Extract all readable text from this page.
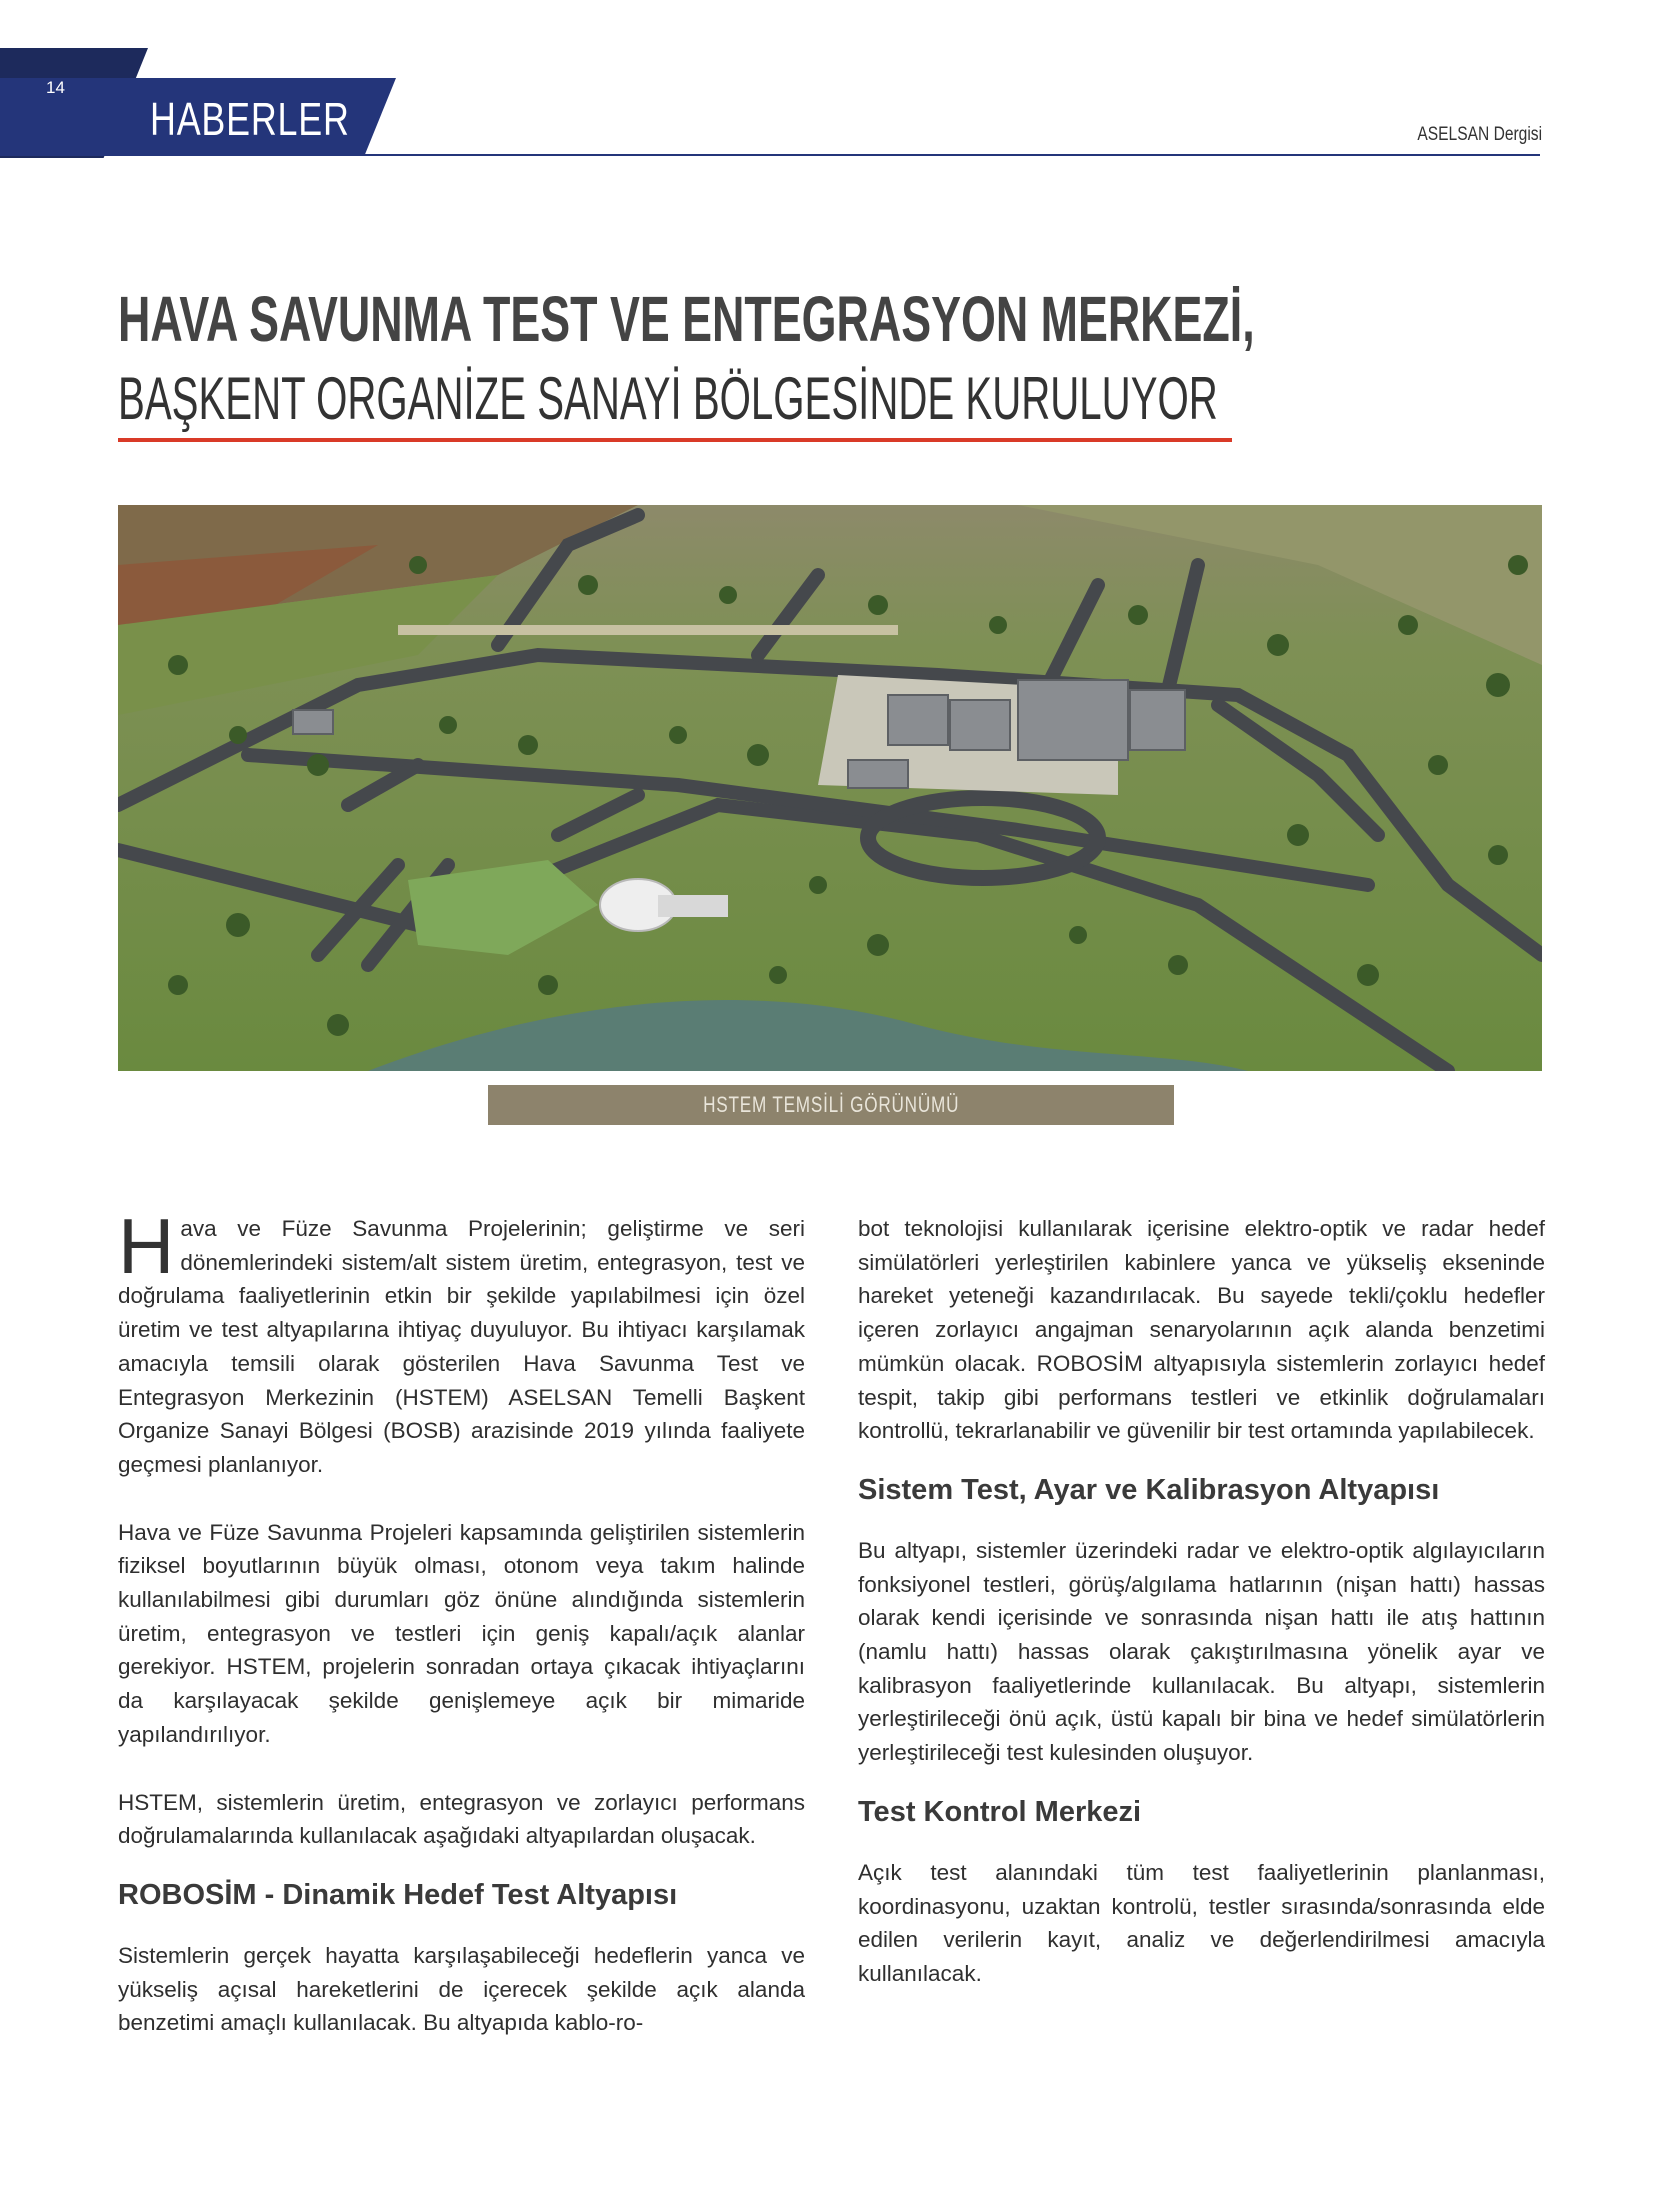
14
HABERLER	ASELSAN Dergisi
HAVA SAVUNMA TEST VE ENTEGRASYON MERKEZİ,
BAŞKENT ORGANİZE SANAYİ BÖLGESİNDE KURULUYOR
HSTEM TEMSİLİ GÖRÜNÜMÜ

Hava ve Füze Savunma Projelerinin; geliştirme ve seri dönemlerindeki sistem/alt sistem üretim, entegrasyon, test ve doğrulama faaliyetlerinin etkin bir şekilde yapılabilmesi için özel üretim ve test altyapılarına ihtiyaç duyuluyor. Bu ihtiyacı karşılamak amacıyla temsili olarak gösterilen Hava Savunma Test ve Entegrasyon Merkezinin (HSTEM) ASELSAN Temelli Başkent Organize Sanayi Bölgesi (BOSB) arazisinde 2019 yılında faaliyete geçmesi planlanıyor.

Hava ve Füze Savunma Projeleri kapsamında geliştirilen sistemlerin fiziksel boyutlarının büyük olması, otonom veya takım halinde kullanılabilmesi gibi durumları göz önüne alındığında sistemlerin üretim, entegrasyon ve testleri için geniş kapalı/açık alanlar gerekiyor. HSTEM, projelerin sonradan ortaya çıkacak ihtiyaçlarını da karşılayacak şekilde genişlemeye açık bir mimaride yapılandırılıyor.

HSTEM, sistemlerin üretim, entegrasyon ve zorlayıcı performans doğrulamalarında kullanılacak aşağıdaki altyapılardan oluşacak.

ROBOSİM - Dinamik Hedef Test Altyapısı

Sistemlerin gerçek hayatta karşılaşabileceği hedeflerin yanca ve yükseliş açısal hareketlerini de içerecek şekilde açık alanda benzetimi amaçlı kullanılacak. Bu altyapıda kablo-ro-

bot teknolojisi kullanılarak içerisine elektro-optik ve radar hedef simülatörleri yerleştirilen kabinlere yanca ve yükseliş ekseninde hareket yeteneği kazandırılacak. Bu sayede tekli/çoklu hedefler içeren zorlayıcı angajman senaryolarının açık alanda benzetimi mümkün olacak. ROBOSİM altyapısıyla sistemlerin zorlayıcı hedef tespit, takip gibi performans testleri ve etkinlik doğrulamaları kontrollü, tekrarlanabilir ve güvenilir bir test ortamında yapılabilecek.

Sistem Test, Ayar ve Kalibrasyon Altyapısı

Bu altyapı, sistemler üzerindeki radar ve elektro-optik algılayıcıların fonksiyonel testleri, görüş/algılama hatlarının (nişan hattı) hassas olarak kendi içerisinde ve sonrasında nişan hattı ile atış hattının (namlu hattı) hassas olarak çakıştırılmasına yönelik ayar ve kalibrasyon faaliyetlerinde kullanılacak. Bu altyapı, sistemlerin yerleştirileceği önü açık, üstü kapalı bir bina ve hedef simülatörlerin yerleştirileceği test kulesinden oluşuyor.

Test Kontrol Merkezi

Açık test alanındaki tüm test faaliyetlerinin planlanması, koordinasyonu, uzaktan kontrolü, testler sırasında/sonrasında elde edilen verilerin kayıt, analiz ve değerlendirilmesi amacıyla kullanılacak.
